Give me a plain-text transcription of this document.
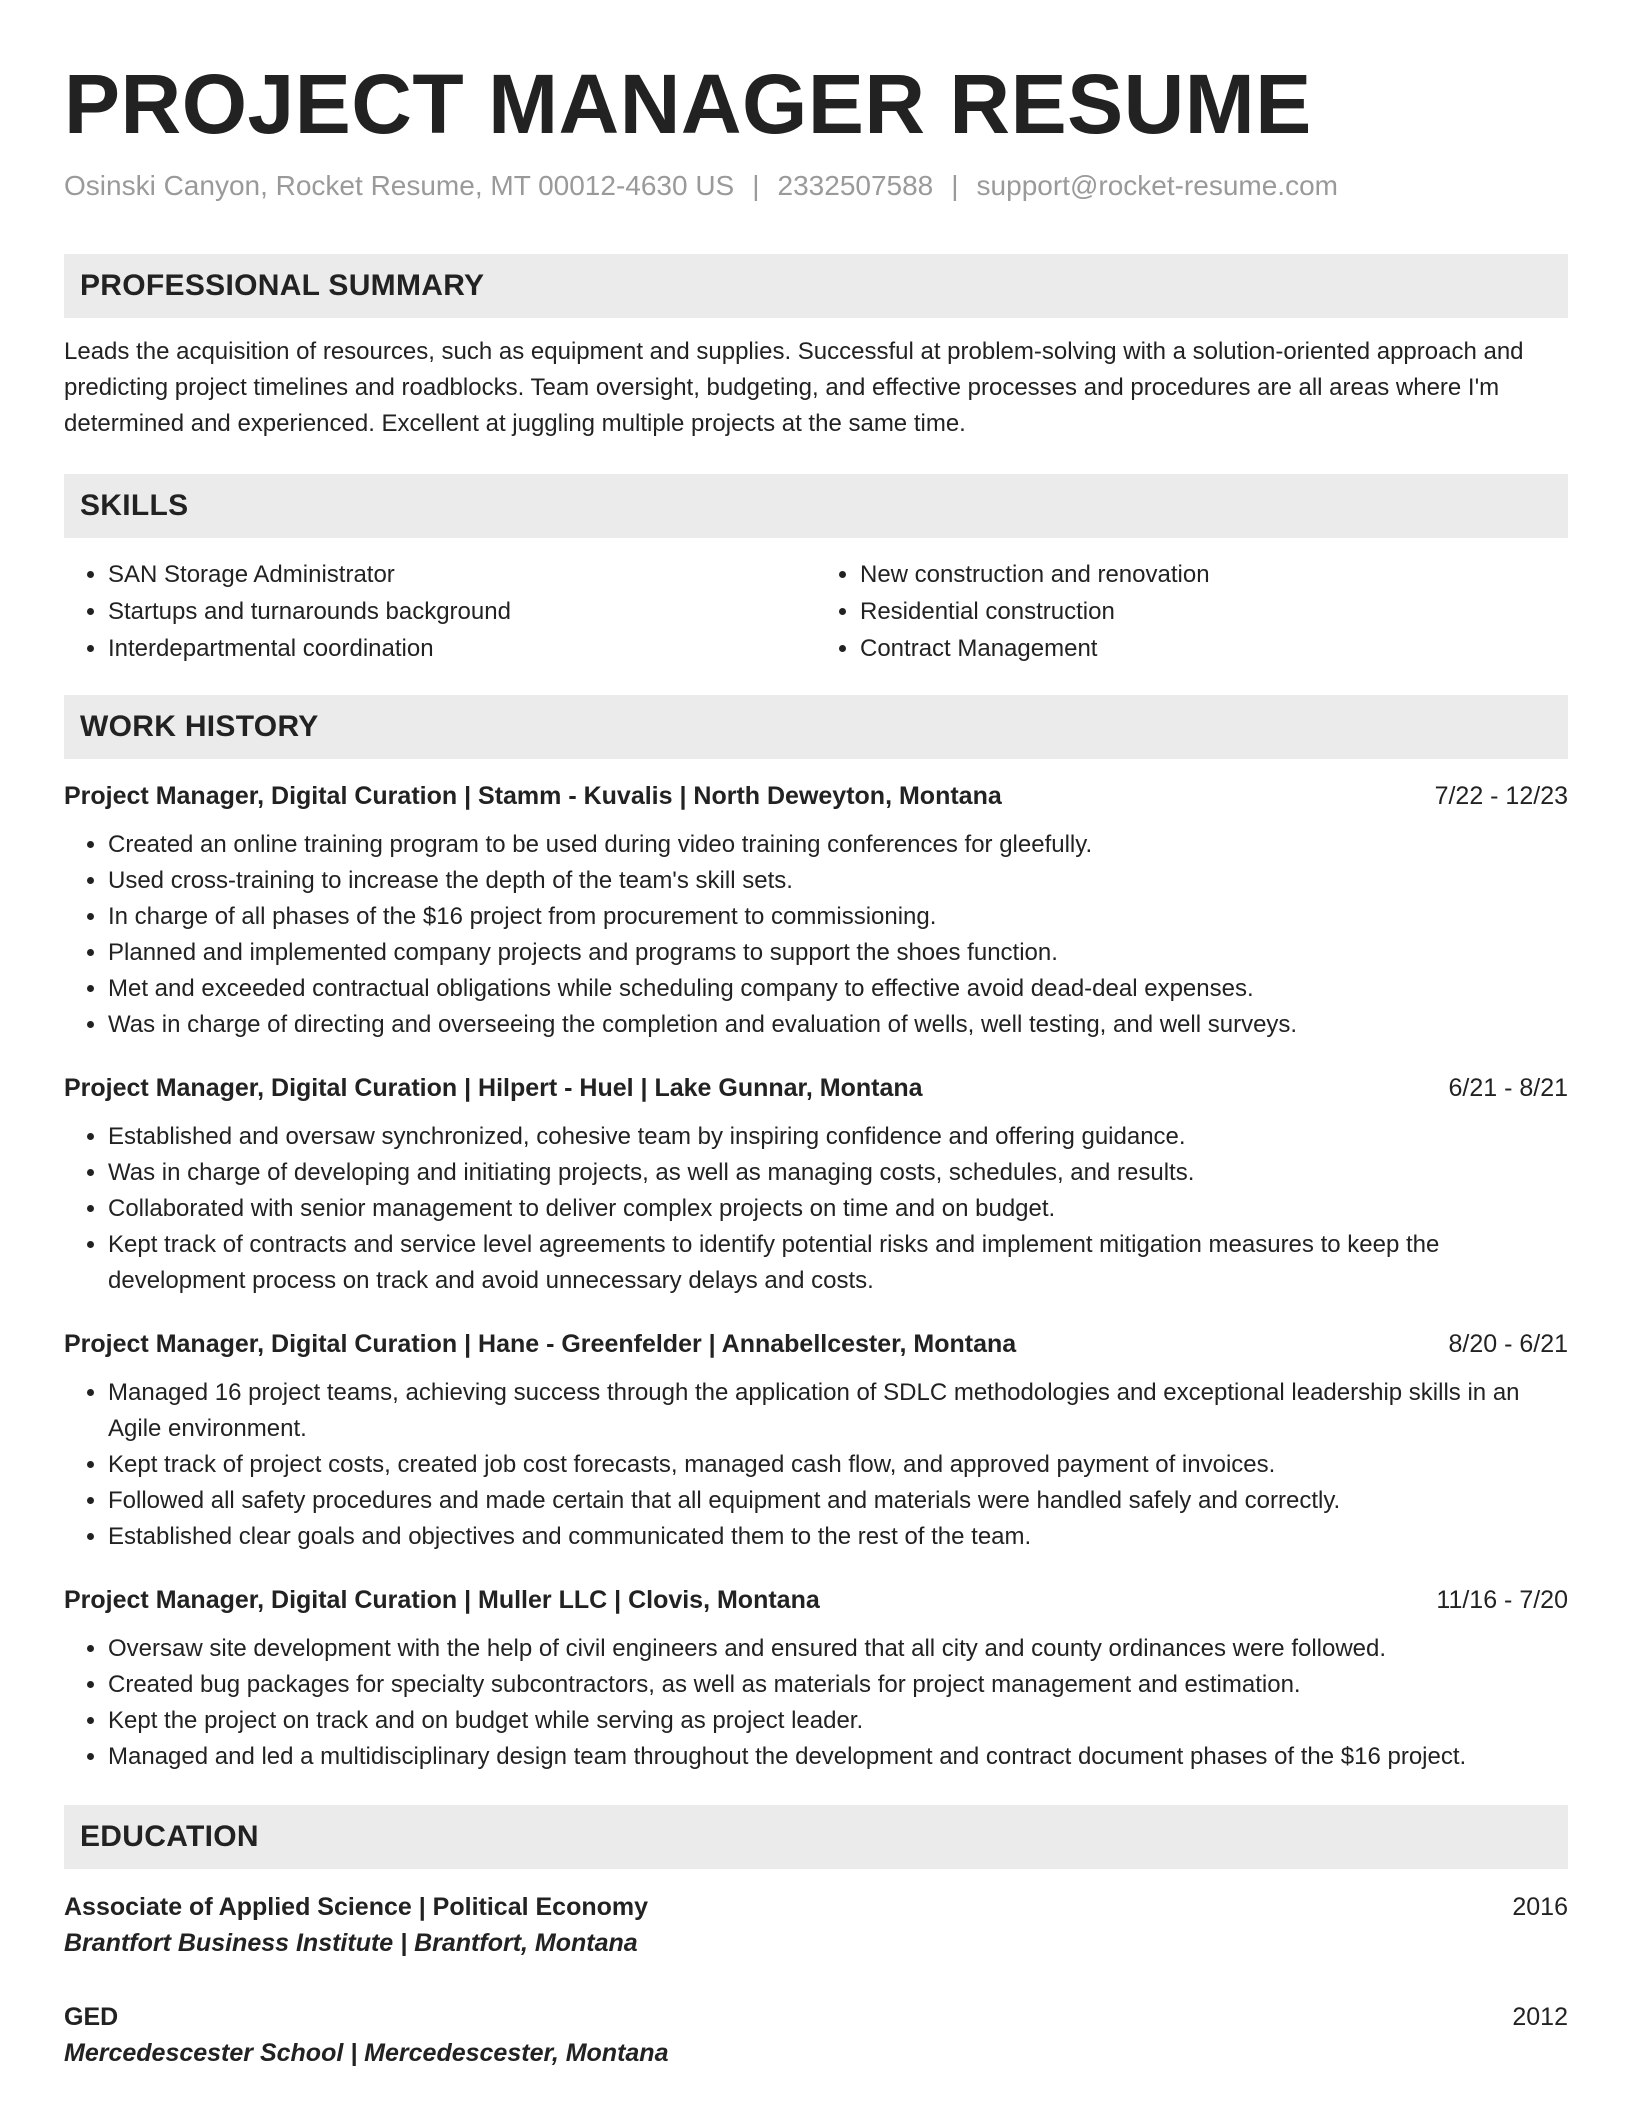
PROJECT MANAGER RESUME
Osinski Canyon, Rocket Resume, MT 00012-4630 US | 2332507588 | support@rocket-resume.com
PROFESSIONAL SUMMARY
Leads the acquisition of resources, such as equipment and supplies. Successful at problem-solving with a solution-oriented approach and predicting project timelines and roadblocks. Team oversight, budgeting, and effective processes and procedures are all areas where I'm determined and experienced. Excellent at juggling multiple projects at the same time.
SKILLS
• SAN Storage Administrator
• Startups and turnarounds background
• Interdepartmental coordination
• New construction and renovation
• Residential construction
• Contract Management
WORK HISTORY
Project Manager, Digital Curation | Stamm - Kuvalis | North Deweyton, Montana	7/22 - 12/23
• Created an online training program to be used during video training conferences for gleefully.
• Used cross-training to increase the depth of the team's skill sets.
• In charge of all phases of the $16 project from procurement to commissioning.
• Planned and implemented company projects and programs to support the shoes function.
• Met and exceeded contractual obligations while scheduling company to effective avoid dead-deal expenses.
• Was in charge of directing and overseeing the completion and evaluation of wells, well testing, and well surveys.
Project Manager, Digital Curation | Hilpert - Huel | Lake Gunnar, Montana	6/21 - 8/21
• Established and oversaw synchronized, cohesive team by inspiring confidence and offering guidance.
• Was in charge of developing and initiating projects, as well as managing costs, schedules, and results.
• Collaborated with senior management to deliver complex projects on time and on budget.
• Kept track of contracts and service level agreements to identify potential risks and implement mitigation measures to keep the development process on track and avoid unnecessary delays and costs.
Project Manager, Digital Curation | Hane - Greenfelder | Annabellcester, Montana	8/20 - 6/21
• Managed 16 project teams, achieving success through the application of SDLC methodologies and exceptional leadership skills in an Agile environment.
• Kept track of project costs, created job cost forecasts, managed cash flow, and approved payment of invoices.
• Followed all safety procedures and made certain that all equipment and materials were handled safely and correctly.
• Established clear goals and objectives and communicated them to the rest of the team.
Project Manager, Digital Curation | Muller LLC | Clovis, Montana	11/16 - 7/20
• Oversaw site development with the help of civil engineers and ensured that all city and county ordinances were followed.
• Created bug packages for specialty subcontractors, as well as materials for project management and estimation.
• Kept the project on track and on budget while serving as project leader.
• Managed and led a multidisciplinary design team throughout the development and contract document phases of the $16 project.
EDUCATION
Associate of Applied Science | Political Economy	2016
Brantfort Business Institute | Brantfort, Montana
GED	2012
Mercedescester School | Mercedescester, Montana
